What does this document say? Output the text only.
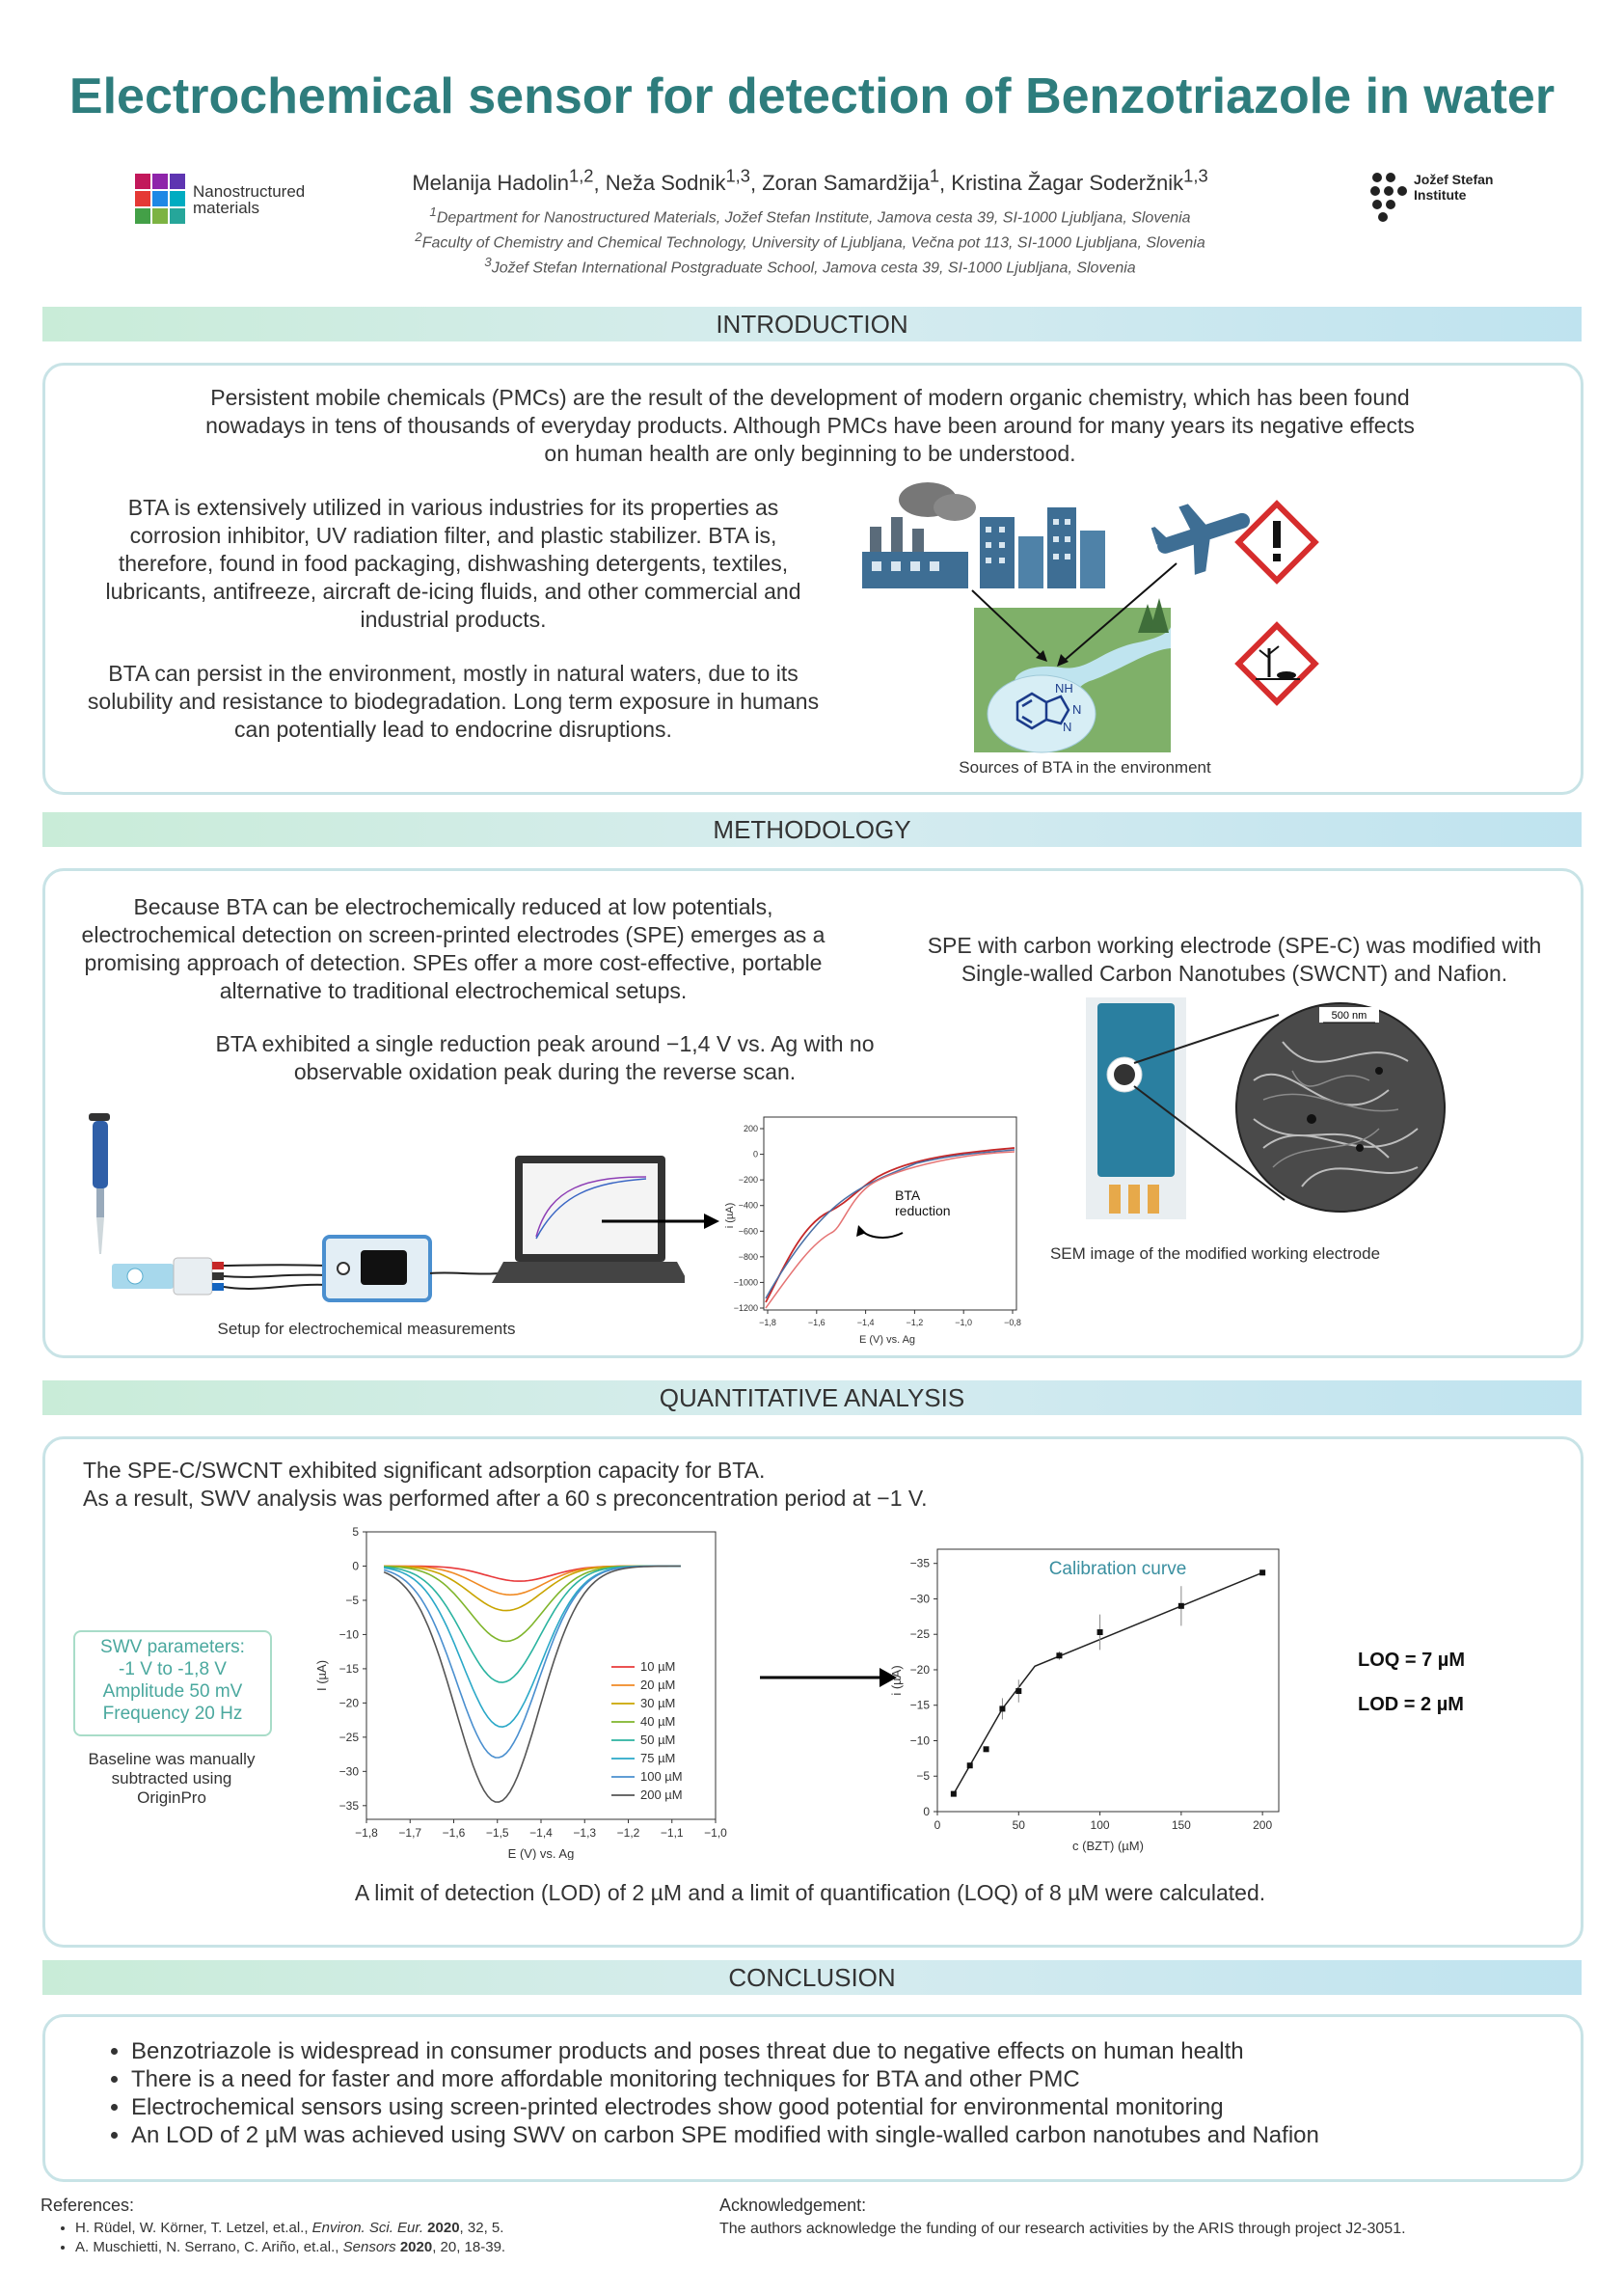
Electrochemical sensor for detection of Benzotriazole in water
Nanostructured materials
Melanija Hadolin$^{1,2}$, Neža Sodnik$^{1,3}$, Zoran Samardžija$^1$, Kristina Žagar Soderžnik$^{1,3}$
$^1$Department for Nanostructured Materials, Jožef Stefan Institute, Jamova cesta 39, SI-1000 Ljubljana, Slovenia
$^2$Faculty of Chemistry and Chemical Technology, University of Ljubljana, Večna pot 113, SI-1000 Ljubljana, Slovenia
$^3$Jožef Stefan International Postgraduate School, Jamova cesta 39, SI-1000 Ljubljana, Slovenia
Jožef Stefan Institute
INTRODUCTION
Persistent mobile chemicals (PMCs) are the result of the development of modern organic chemistry, which has been found nowadays in tens of thousands of everyday products. Although PMCs have been around for many years its negative effects on human health are only beginning to be understood.
BTA is extensively utilized in various industries for its properties as corrosion inhibitor, UV radiation filter, and plastic stabilizer. BTA is, therefore, found in food packaging, dishwashing detergents, textiles, lubricants, antifreeze, aircraft de-icing fluids, and other commercial and industrial products.
BTA can persist in the environment, mostly in natural waters, due to its solubility and resistance to biodegradation. Long term exposure in humans can potentially lead to endocrine disruptions.
NH
N
N
Sources of BTA in the environment
METHODOLOGY
Because BTA can be electrochemically reduced at low potentials, electrochemical detection on screen-printed electrodes (SPE) emerges as a promising approach of detection. SPEs offer a more cost-effective, portable alternative to traditional electrochemical setups.
SPE with carbon working electrode (SPE-C) was modified with Single-walled Carbon Nanotubes (SWCNT) and Nafion.
BTA exhibited a single reduction peak around −1,4 V vs. Ag with no observable oxidation peak during the reverse scan.
Setup for electrochemical measurements
200
0
−200
−400
−600
−800
−1000
−1200
−1,8	−1,6	−1,4	−1,2	−1,0	−0,8
BTA
reduction
E (V) vs. Ag
i (µA)
500 nm
SEM image of the modified working electrode
QUANTITATIVE ANALYSIS
The SPE-C/SWCNT exhibited significant adsorption capacity for BTA.
As a result, SWV analysis was performed after a 60 s preconcentration period at −1 V.
SWV parameters:
-1 V to -1,8 V
Amplitude 50 mV
Frequency 20 Hz
Baseline was manually subtracted using OriginPro
5
0
−5
−10
−15
−20
−25
−30
−35
−1,8 −1,7 −1,6 −1,5 −1,4 −1,3 −1,2 −1,1 −1,0
E (V) vs. Ag
I (µA)	10 µM
20 µM
30 µM
40 µM
50 µM
75 µM
100 µM
200 µM
Calibration curve
−35
−30
−25
−20
−15
−10
−5
0
0	50	100	150	200
c (BZT) (µM)
i (µA)
LOQ = 7 µM
LOD = 2 µM
A limit of detection (LOD) of 2 µM and a limit of quantification (LOQ) of 8 µM were calculated.
CONCLUSION
• Benzotriazole is widespread in consumer products and poses threat due to negative effects on human health
• There is a need for faster and more affordable monitoring techniques for BTA and other PMC
• Electrochemical sensors using screen-printed electrodes show good potential for environmental monitoring
• An LOD of 2 µM was achieved using SWV on carbon SPE modified with single-walled carbon nanotubes and Nafion
References:
• H. Rüdel, W. Körner, T. Letzel, et.al., Environ. Sci. Eur. 2020, 32, 5.
• A. Muschietti, N. Serrano, C. Ariño, et.al., Sensors 2020, 20, 18-39.
Acknowledgement:
The authors acknowledge the funding of our research activities by the ARIS through project J2-3051.
